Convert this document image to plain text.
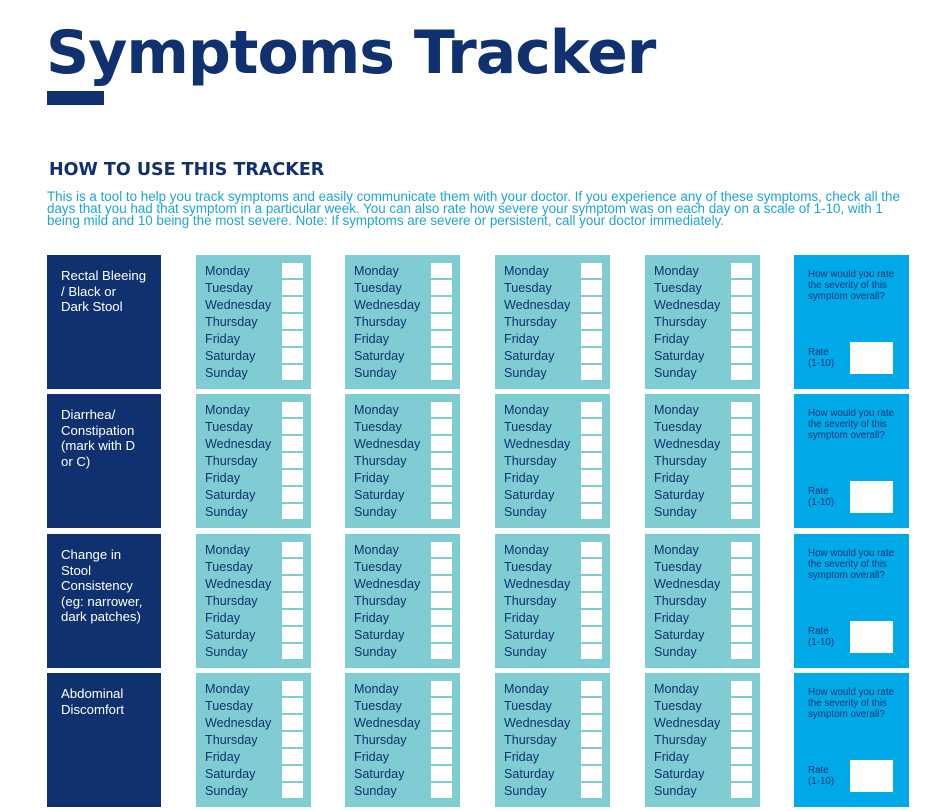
Symptoms Tracker
HOW TO USE THIS TRACKER

This is a tool to help you track symptoms and easily communicate them with your doctor. If you experience any of these symptoms, check all the days that you had that symptom in a particular week. You can also rate how severe your symptom was on each day on a scale of 1-10, with 1 being mild and 10 being the most severe. Note: If symptoms are severe or persistent, call your doctor immediately.

Rectal Bleeing / Black or Dark Stool
Monday
Tuesday
Wednesday
Thursday
Friday
Saturday
Sunday
Monday
Tuesday
Wednesday
Thursday
Friday
Saturday
Sunday
Monday
Tuesday
Wednesday
Thursday
Friday
Saturday
Sunday
Monday
Tuesday
Wednesday
Thursday
Friday
Saturday
Sunday
How would you rate the severity of this symptom overall?
Rate (1-10)
Diarrhea/ Constipation (mark with D or C)
Monday
Tuesday
Wednesday
Thursday
Friday
Saturday
Sunday
Monday
Tuesday
Wednesday
Thursday
Friday
Saturday
Sunday
Monday
Tuesday
Wednesday
Thursday
Friday
Saturday
Sunday
Monday
Tuesday
Wednesday
Thursday
Friday
Saturday
Sunday
How would you rate the severity of this symptom overall?
Rate (1-10)
Change in Stool Consistency (eg: narrower, dark patches)
Monday
Tuesday
Wednesday
Thursday
Friday
Saturday
Sunday
Monday
Tuesday
Wednesday
Thursday
Friday
Saturday
Sunday
Monday
Tuesday
Wednesday
Thursday
Friday
Saturday
Sunday
Monday
Tuesday
Wednesday
Thursday
Friday
Saturday
Sunday
How would you rate the severity of this symptom overall?
Rate (1-10)
Abdominal Discomfort
Monday
Tuesday
Wednesday
Thursday
Friday
Saturday
Sunday
Monday
Tuesday
Wednesday
Thursday
Friday
Saturday
Sunday
Monday
Tuesday
Wednesday
Thursday
Friday
Saturday
Sunday
Monday
Tuesday
Wednesday
Thursday
Friday
Saturday
Sunday
How would you rate the severity of this symptom overall?
Rate (1-10)
